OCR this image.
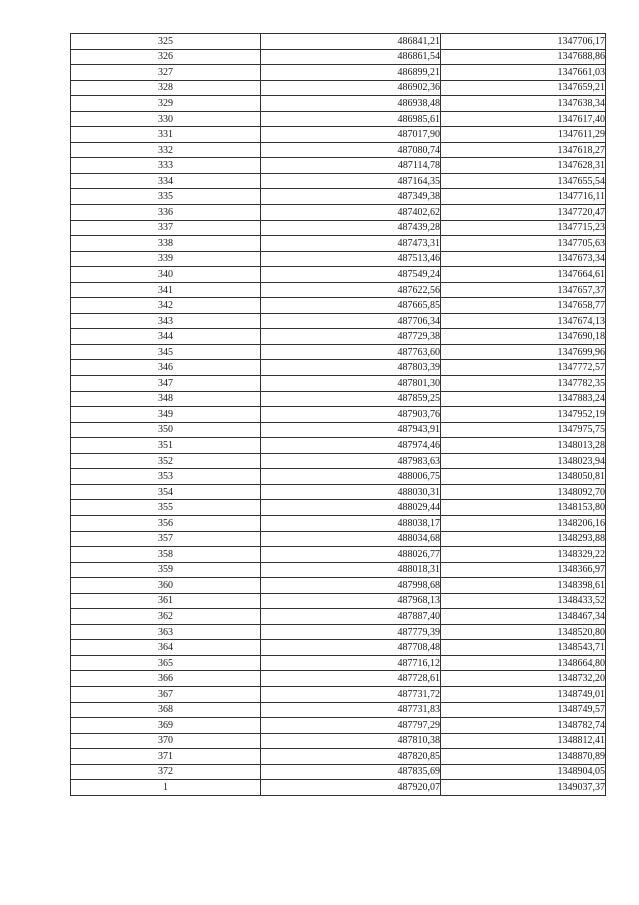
325	486841,21	1347706,17
326	486861,54	1347688,86
327	486899,21	1347661,03
328	486902,36	1347659,21
329	486938,48	1347638,34
330	486985,61	1347617,40
331	487017,90	1347611,29
332	487080,74	1347618,27
333	487114,78	1347628,31
334	487164,35	1347655,54
335	487349,38	1347716,11
336	487402,62	1347720,47
337	487439,28	1347715,23
338	487473,31	1347705,63
339	487513,46	1347673,34
340	487549,24	1347664,61
341	487622,56	1347657,37
342	487665,85	1347658,77
343	487706,34	1347674,13
344	487729,38	1347690,18
345	487763,60	1347699,96
346	487803,39	1347772,57
347	487801,30	1347782,35
348	487859,25	1347883,24
349	487903,76	1347952,19
350	487943,91	1347975,75
351	487974,46	1348013,28
352	487983,63	1348023,94
353	488006,75	1348050,81
354	488030,31	1348092,70
355	488029,44	1348153,80
356	488038,17	1348206,16
357	488034,68	1348293,88
358	488026,77	1348329,22
359	488018,31	1348366,97
360	487998,68	1348398,61
361	487968,13	1348433,52
362	487887,40	1348467,34
363	487779,39	1348520,80
364	487708,48	1348543,71
365	487716,12	1348664,80
366	487728,61	1348732,20
367	487731,72	1348749,01
368	487731,83	1348749,57
369	487797,29	1348782,74
370	487810,38	1348812,41
371	487820,85	1348870,89
372	487835,69	1348904,05
1	487920,07	1349037,37
